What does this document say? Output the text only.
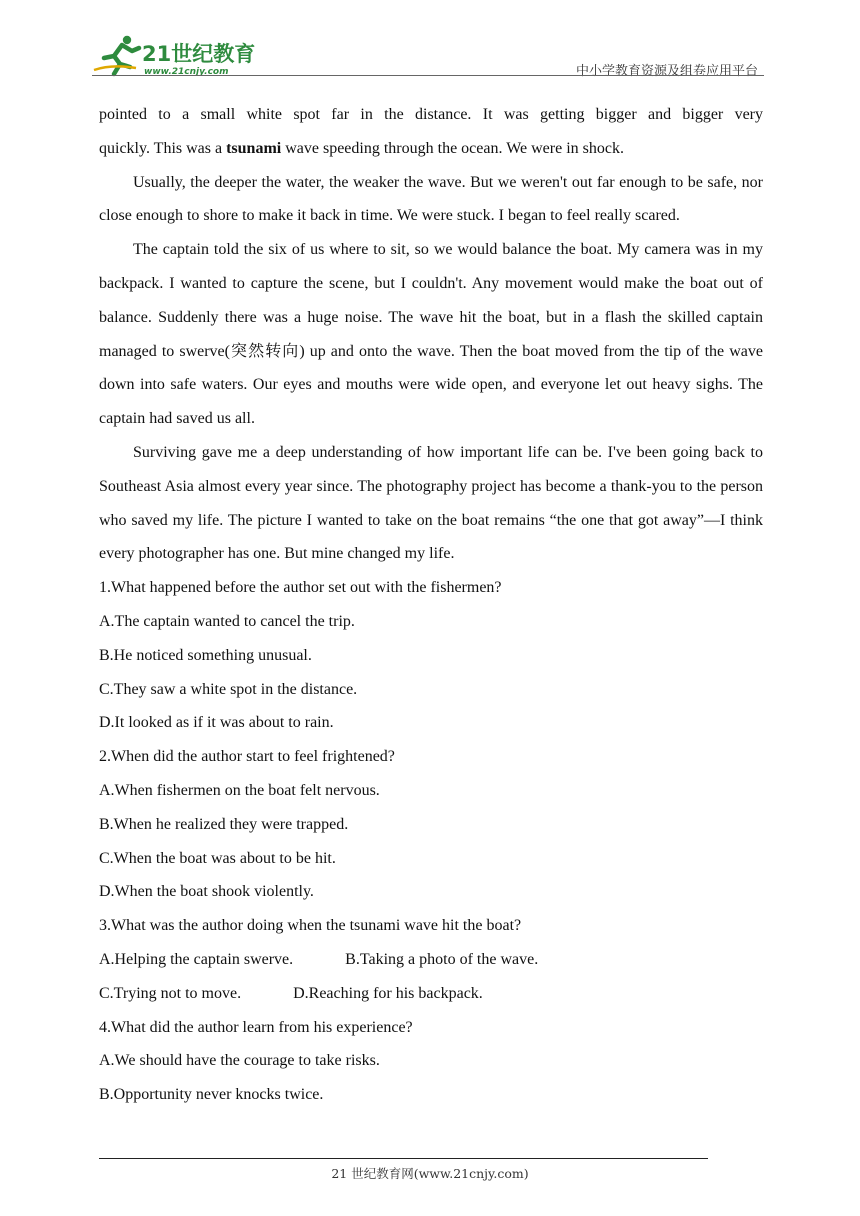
21世纪教育
www.21cnjy.com	中小学教育资源及组卷应用平台

pointed to a small white spot far in the distance. It was getting bigger and bigger very

quickly. This was a tsunami wave speeding through the ocean. We were in shock.

Usually, the deeper the water, the weaker the wave. But we weren't out far enough to be safe, nor close enough to shore to make it back in time. We were stuck. I began to feel really scared.

The captain told the six of us where to sit, so we would balance the boat. My camera was in my backpack. I wanted to capture the scene, but I couldn't. Any movement would make the boat out of balance. Suddenly there was a huge noise. The wave hit the boat, but in a flash the skilled captain managed to swerve(突然转向) up and onto the wave. Then the boat moved from the tip of the wave down into safe waters. Our eyes and mouths were wide open, and everyone let out heavy sighs. The captain had saved us all.

Surviving gave me a deep understanding of how important life can be. I've been going back to Southeast Asia almost every year since. The photography project has become a thank-you to the person who saved my life. The picture I wanted to take on the boat remains “the one that got away”—I think every photographer has one. But mine changed my life.

1.What happened before the author set out with the fishermen?

A.The captain wanted to cancel the trip.

B.He noticed something unusual.

C.They saw a white spot in the distance.

D.It looked as if it was about to rain.

2.When did the author start to feel frightened?

A.When fishermen on the boat felt nervous.

B.When he realized they were trapped.

C.When the boat was about to be hit.

D.When the boat shook violently.

3.What was the author doing when the tsunami wave hit the boat?

A.Helping the captain swerve.	B.Taking a photo of the wave.
C.Trying not to move.	D.Reaching for his backpack.

4.What did the author learn from his experience?

A.We should have the courage to take risks.

B.Opportunity never knocks twice.

21 世纪教育网(www.21cnjy.com)
